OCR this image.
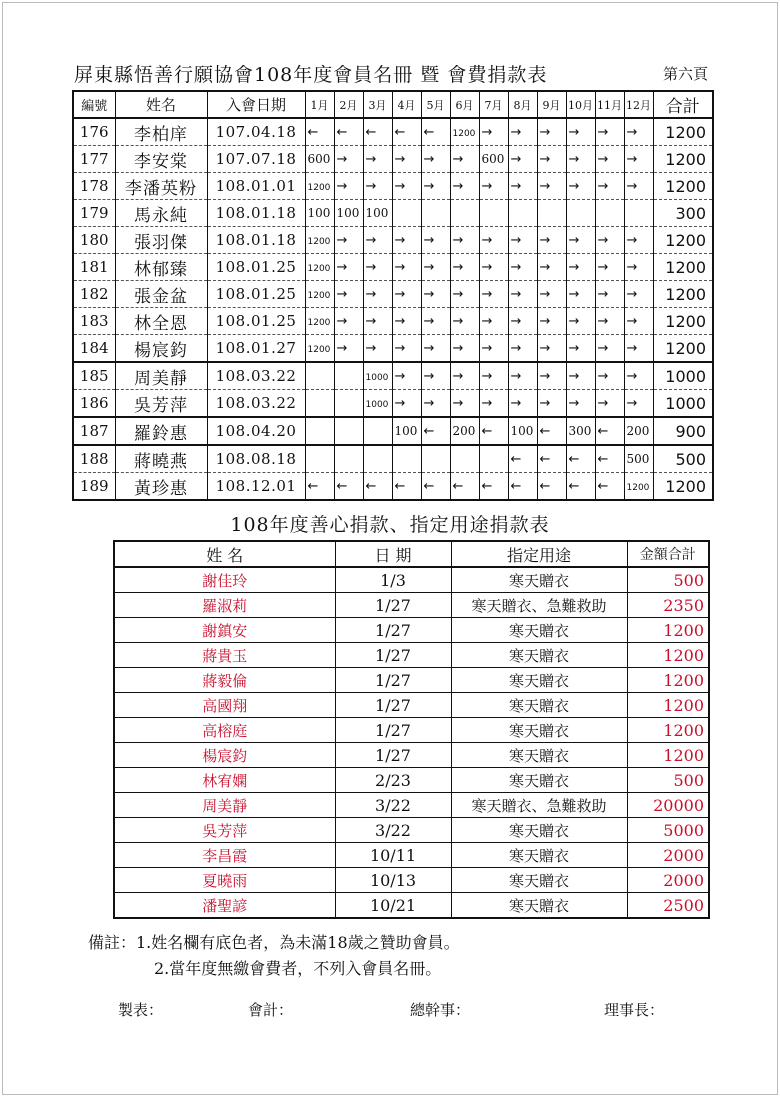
屏東縣悟善行願協會108年度會員名冊 暨 會費捐款表	第六頁
編號	姓名	入會日期	1月	2月	3月	4月	5月	6月	7月	8月	9月	10月	11月	12月	合計
176	李柏庠	107.04.18	←	←	←	←	←	1200	→	→	→	→	→	→	1200
177	李安棠	107.07.18	600	→	→	→	→	→	600	→	→	→	→	→	1200
178	李潘英粉	108.01.01	1200	→	→	→	→	→	→	→	→	→	→	→	1200
179	馬永純	108.01.18	100	100	100										300
180	張羽傑	108.01.18	1200	→	→	→	→	→	→	→	→	→	→	→	1200
181	林郁臻	108.01.25	1200	→	→	→	→	→	→	→	→	→	→	→	1200
182	張金盆	108.01.25	1200	→	→	→	→	→	→	→	→	→	→	→	1200
183	林全恩	108.01.25	1200	→	→	→	→	→	→	→	→	→	→	→	1200
184	楊宸鈞	108.01.27	1200	→	→	→	→	→	→	→	→	→	→	→	1200
185	周美靜	108.03.22			1000	→	→	→	→	→	→	→	→	→	1000
186	吳芳萍	108.03.22			1000	→	→	→	→	→	→	→	→	→	1000
187	羅鈴惠	108.04.20				100	←	200	←	100	←	300	←	200	900
188	蔣曉燕	108.08.18								←	←	←	←	500	500
189	黃珍惠	108.12.01	←	←	←	←	←	←	←	←	←	←	←	1200	1200
108年度善心捐款、指定用途捐款表
姓 名	日 期	指定用途	金額合計
謝佳玲	1/3	寒天贈衣	500
羅淑莉	1/27	寒天贈衣、急難救助	2350
謝鎮安	1/27	寒天贈衣	1200
蔣貴玉	1/27	寒天贈衣	1200
蔣毅倫	1/27	寒天贈衣	1200
高國翔	1/27	寒天贈衣	1200
高榕庭	1/27	寒天贈衣	1200
楊宸鈞	1/27	寒天贈衣	1200
林宥嫻	2/23	寒天贈衣	500
周美靜	3/22	寒天贈衣、急難救助	20000
吳芳萍	3/22	寒天贈衣	5000
李昌霞	10/11	寒天贈衣	2000
夏曉雨	10/13	寒天贈衣	2000
潘聖諺	10/21	寒天贈衣	2500
備註：1.姓名欄有底色者，為未滿18歲之贊助會員。
2.當年度無繳會費者，不列入會員名冊。
製表：	會計：	總幹事：	理事長：
